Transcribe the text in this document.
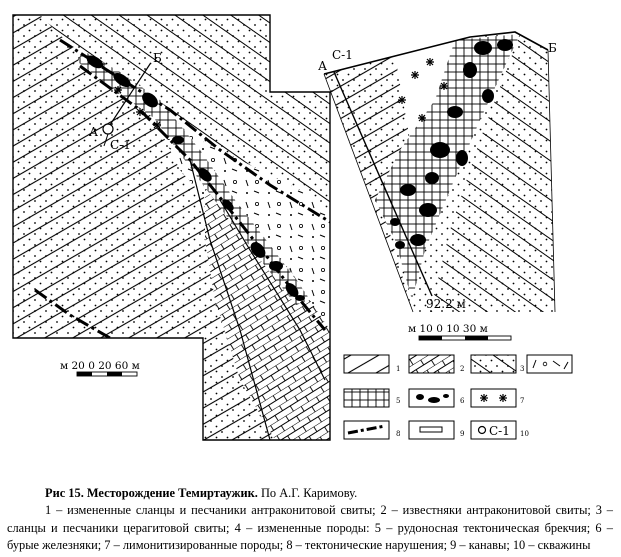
Б
А
С-1
м 20 0 20 60 м
А
С-1	Б
92.2 м
м 10 0 10 30 м
1	2	3
5	6	7
8	9 С-1 10
Рис 15. Месторождение Темиртаужик. По А.Г. Каримову.
1 – измененные сланцы и песчаники антраконитовой свиты; 2 – известняки антраконитовой свиты; 3 – сланцы и песчаники церагитовой свиты; 4 – измененные породы: 5 – рудоносная тектоническая брекчия; 6 – бурые железняки; 7 – лимонитизированные породы; 8 – тектонические нарушения; 9 – канавы; 10 – скважины
